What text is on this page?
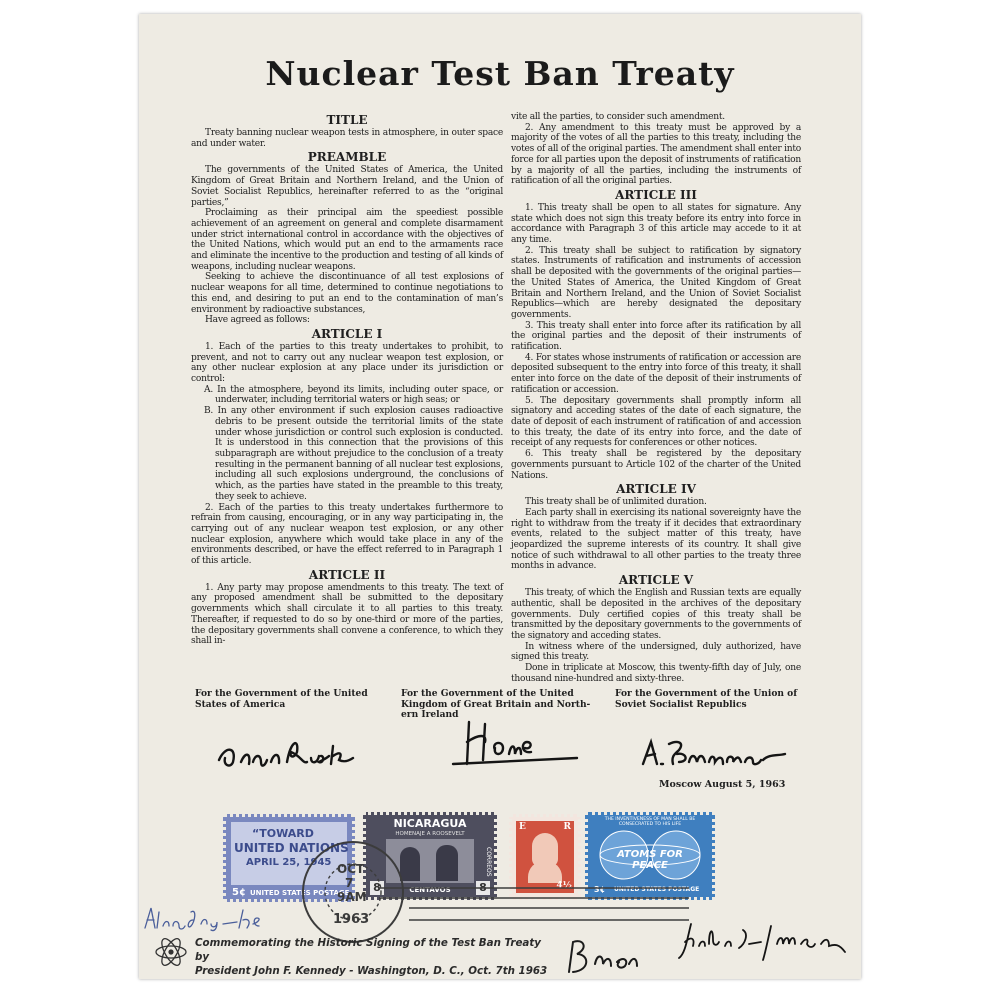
Nuclear Test Ban Treaty
TITLE

Treaty banning nuclear weapon tests in atmosphere, in outer space and under water.

PREAMBLE

The governments of the United States of America, the United Kingdom of Great Britain and Northern Ireland, and the Union of Soviet Socialist Republics, hereinafter referred to as the “original parties,”

Proclaiming as their principal aim the speediest possible achievement of an agreement on general and complete disarmament under strict international control in accordance with the objectives of the United Nations, which would put an end to the armaments race and eliminate the incentive to the production and testing of all kinds of weapons, including nuclear weapons.

Seeking to achieve the discontinuance of all test explosions of nuclear weapons for all time, determined to continue negotiations to this end, and desiring to put an end to the contamination of man’s environment by radioactive substances,

Have agreed as follows:

ARTICLE I

1. Each of the parties to this treaty undertakes to prohibit, to prevent, and not to carry out any nuclear weapon test explosion, or any other nuclear explosion at any place under its jurisdiction or control:

A. In the atmosphere, beyond its limits, including outer space, or underwater, including territorial waters or high seas; or

B. In any other environment if such explosion causes radioactive debris to be present outside the territorial limits of the state under whose jurisdiction or control such explosion is conducted. It is understood in this connection that the provisions of this subparagraph are without prejudice to the conclusion of a treaty resulting in the permanent banning of all nuclear test explosions, including all such explosions underground, the conclusions of which, as the parties have stated in the preamble to this treaty, they seek to achieve.

2. Each of the parties to this treaty undertakes furthermore to refrain from causing, encouraging, or in any way participating in, the carrying out of any nuclear weapon test explosion, or any other nuclear explosion, anywhere which would take place in any of the environments described, or have the effect referred to in Paragraph 1 of this article.

ARTICLE II

1. Any party may propose amendments to this treaty. The text of any proposed amendment shall be submitted to the depositary governments which shall circulate it to all parties to this treaty. Thereafter, if requested to do so by one-third or more of the parties, the depositary governments shall convene a conference, to which they shall in-

vite all the parties, to consider such amendment.

2. Any amendment to this treaty must be approved by a majority of the votes of all the parties to this treaty, including the votes of all of the original parties. The amendment shall enter into force for all parties upon the deposit of instruments of ratification by a majority of all the parties, including the instruments of ratification of all the original parties.

ARTICLE III

1. This treaty shall be open to all states for signature. Any state which does not sign this treaty before its entry into force in accordance with Paragraph 3 of this article may accede to it at any time.

2. This treaty shall be subject to ratification by signatory states. Instruments of ratification and instruments of accession shall be deposited with the governments of the original parties—the United States of America, the United Kingdom of Great Britain and Northern Ireland, and the Union of Soviet Socialist Republics—which are hereby designated the depositary governments.

3. This treaty shall enter into force after its ratification by all the original parties and the deposit of their instruments of ratification.

4. For states whose instruments of ratification or accession are deposited subsequent to the entry into force of this treaty, it shall enter into force on the date of the deposit of their instruments of ratification or accession.

5. The depositary governments shall promptly inform all signatory and acceding states of the date of each signature, the date of deposit of each instrument of ratification of and accession to this treaty, the date of its entry into force, and the date of receipt of any requests for conferences or other notices.

6. This treaty shall be registered by the depositary governments pursuant to Article 102 of the charter of the United Nations.

ARTICLE IV

This treaty shall be of unlimited duration.

Each party shall in exercising its national sovereignty have the right to withdraw from the treaty if it decides that extraordinary events, related to the subject matter of this treaty, have jeopardized the supreme interests of its country. It shall give notice of such withdrawal to all other parties to the treaty three months in advance.

ARTICLE V

This treaty, of which the English and Russian texts are equally authentic, shall be deposited in the archives of the depositary governments. Duly certified copies of this treaty shall be transmitted by the depositary governments to the governments of the signatory and acceding states.

In witness where of the undersigned, duly authorized, have signed this treaty.

Done in triplicate at Moscow, this twenty-fifth day of July, one thousand nine-hundred and sixty-three.

For the Government of the United
States of America
For the Government of the United
Kingdom of Great Britain and North-
ern Ireland
For the Government of the Union of
Soviet Socialist Republics
Moscow August 5, 1963
“TOWARD
UNITED NATIONS
APRIL 25, 1945
5¢ UNITED STATES POSTAGE
NICARAGUA
HOMENAJE A ROOSEVELT
8	8
CENTAVOS
CORREOS
E	R
4½
THE INVENTIVENESS OF MAN SHALL BE CONSECRATED TO HIS LIFE
ATOMS FOR PEACE
3¢ UNITED STATES POSTAGE
OCT
7
9AM
1963
Commemorating the Historic Signing of the Test Ban Treaty by
President John F. Kennedy - Washington, D. C., Oct. 7th 1963
